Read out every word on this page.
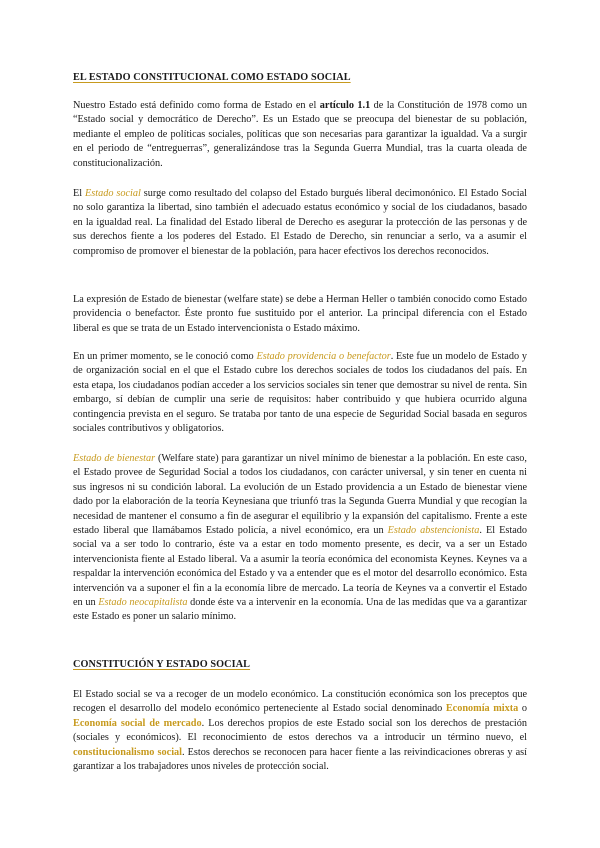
EL ESTADO CONSTITUCIONAL COMO ESTADO SOCIAL

Nuestro Estado está definido como forma de Estado en el artículo 1.1 de la Constitución de 1978 como un “Estado social y democrático de Derecho”. Es un Estado que se preocupa del bienestar de su población, mediante el empleo de políticas sociales, políticas que son necesarias para garantizar la igualdad. Va a surgir en el periodo de “entreguerras”, generalizándose tras la Segunda Guerra Mundial, tras la cuarta oleada de constitucionalización.

El Estado social surge como resultado del colapso del Estado burgués liberal decimonónico. El Estado Social no solo garantiza la libertad, sino también el adecuado estatus económico y social de los ciudadanos, basado en la igualdad real. La finalidad del Estado liberal de Derecho es asegurar la protección de las personas y de sus derechos fiente a los poderes del Estado. El Estado de Derecho, sin renunciar a serlo, va a asumir el compromiso de promover el bienestar de la población, para hacer efectivos los derechos reconocidos.

La expresión de Estado de bienestar (welfare state) se debe a Herman Heller o también conocido como Estado providencia o benefactor. Éste pronto fue sustituido por el anterior. La principal diferencia con el Estado liberal es que se trata de un Estado intervencionista o Estado máximo.

En un primer momento, se le conoció como Estado providencia o benefactor. Este fue un modelo de Estado y de organización social en el que el Estado cubre los derechos sociales de todos los ciudadanos del país. En esta etapa, los ciudadanos podían acceder a los servicios sociales sin tener que demostrar su nivel de renta. Sin embargo, sí debían de cumplir una serie de requisitos: haber contribuido y que hubiera ocurrido alguna contingencia prevista en el seguro. Se trataba por tanto de una especie de Seguridad Social basada en seguros sociales contributivos y obligatorios.

Estado de bienestar (Welfare state) para garantizar un nivel mínimo de bienestar a la población. En este caso, el Estado provee de Seguridad Social a todos los ciudadanos, con carácter universal, y sin tener en cuenta ni sus ingresos ni su condición laboral. La evolución de un Estado providencia a un Estado de bienestar viene dado por la elaboración de la teoría Keynesiana que triunfó tras la Segunda Guerra Mundial y que recogían la necesidad de mantener el consumo a fin de asegurar el equilibrio y la expansión del capitalismo. Frente a este estado liberal que llamábamos Estado policía, a nivel económico, era un Estado abstencionista. El Estado social va a ser todo lo contrario, éste va a estar en todo momento presente, es decir, va a ser un Estado intervencionista fiente al Estado liberal. Va a asumir la teoría económica del economista Keynes. Keynes va a respaldar la intervención económica del Estado y va a entender que es el motor del desarrollo económico. Esta intervención va a suponer el fin a la economía libre de mercado. La teoría de Keynes va a convertir el Estado en un Estado neocapitalista donde éste va a intervenir en la economía. Una de las medidas que va a garantizar este Estado es poner un salario mínimo.

CONSTITUCIÓN Y ESTADO SOCIAL

El Estado social se va a recoger de un modelo económico. La constitución económica son los preceptos que recogen el desarrollo del modelo económico perteneciente al Estado social denominado Economía mixta o Economía social de mercado. Los derechos propios de este Estado social son los derechos de prestación (sociales y económicos). El reconocimiento de estos derechos va a introducir un término nuevo, el constitucionalismo social. Estos derechos se reconocen para hacer fiente a las reivindicaciones obreras y así garantizar a los trabajadores unos niveles de protección social.
